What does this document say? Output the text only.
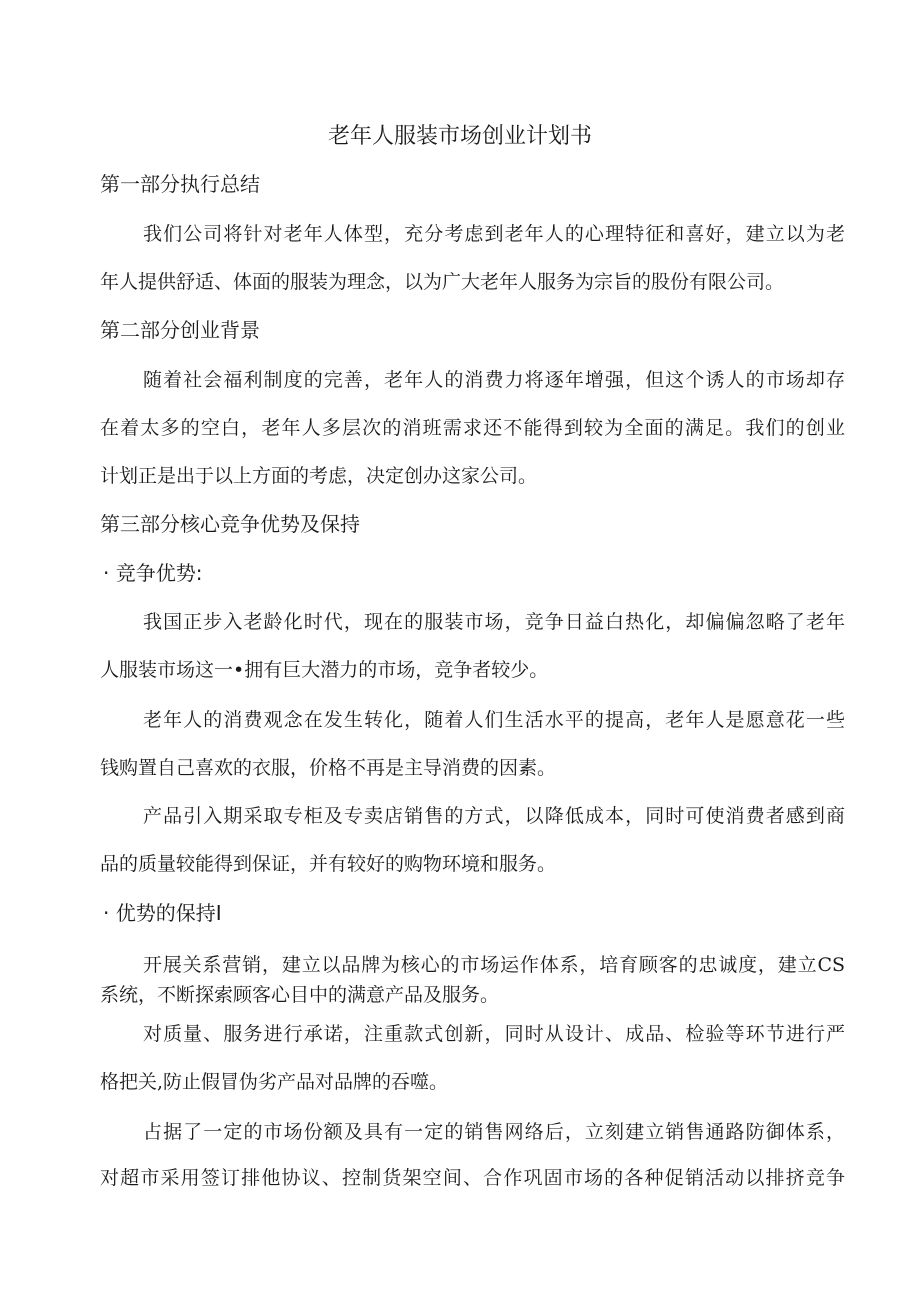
老年人服装市场创业计划书
第一部分执行总结
我们公司将针对老年人体型，充分考虑到老年人的心理特征和喜好，建立以为老
年人提供舒适、体面的服装为理念，以为广大老年人服务为宗旨的股份有限公司。
第二部分创业背景
随着社会福利制度的完善，老年人的消费力将逐年增强，但这个诱人的市场却存
在着太多的空白，老年人多层次的消班需求还不能得到较为全面的满足。我们的创业
计划正是出于以上方面的考虑，决定创办这家公司。
第三部分核心竞争优势及保持
· 竞争优势:
我国正步入老龄化时代，现在的服装市场，竞争日益白热化，却偏偏忽略了老年
人服装市场这一•拥有巨大潜力的市场，竞争者较少。
老年人的消费观念在发生转化，随着人们生活水平的提高，老年人是愿意花一些
钱购置自己喜欢的衣服，价格不再是主导消费的因素。
产品引入期采取专柜及专卖店销售的方式，以降低成本，同时可使消费者感到商
品的质量较能得到保证，并有较好的购物环境和服务。
· 优势的保持I
开展关系营销，建立以品牌为核心的市场运作体系，培育顾客的忠诚度，建立CS
系统，不断探索顾客心目中的满意产品及服务。
对质量、服务进行承诺，注重款式创新，同时从设计、成品、检验等环节进行严
格把关,防止假冒伪劣产品对品牌的吞噬。
占据了一定的市场份额及具有一定的销售网络后，立刻建立销售通路防御体系，
对超市采用签订排他协议、控制货架空间、合作巩固市场的各种促销活动以排挤竞争
